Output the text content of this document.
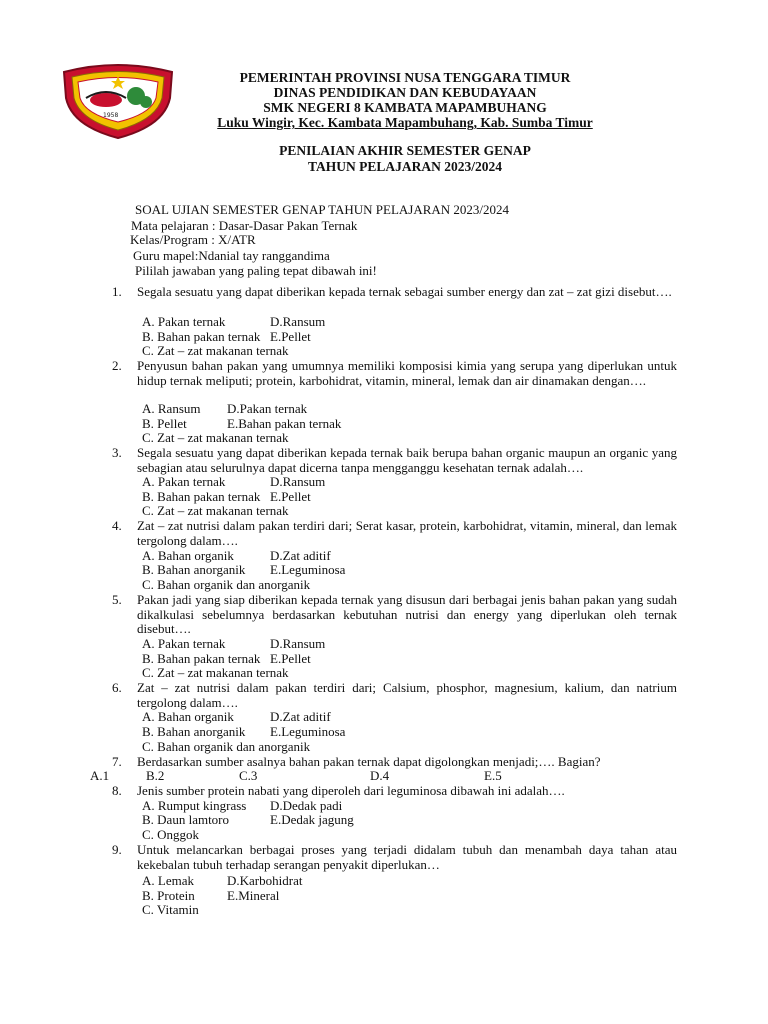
1958
PEMERINTAH PROVINSI NUSA TENGGARA TIMUR
DINAS PENDIDIKAN DAN KEBUDAYAAN
SMK NEGERI 8 KAMBATA MAPAMBUHANG
Luku Wingir, Kec. Kambata Mapambuhang, Kab. Sumba Timur
PENILAIAN AKHIR SEMESTER GENAP
TAHUN PELAJARAN 2023/2024
SOAL UJIAN SEMESTER GENAP TAHUN PELAJARAN 2023/2024
Mata pelajaran : Dasar-Dasar Pakan Ternak
Kelas/Program : X/ATR
Guru mapel:Ndanial tay ranggandima
Pililah jawaban yang paling tepat dibawah ini!
1. Segala sesuatu yang dapat diberikan kepada ternak sebagai sumber energy dan zat – zat gizi disebut….
A. Pakan ternak	D.Ransum
B. Bahan pakan ternak E.Pellet
C. Zat – zat makanan ternak
2. Penyusun bahan pakan yang umumnya memiliki komposisi kimia yang serupa yang diperlukan untuk hidup ternak meliputi; protein, karbohidrat, vitamin, mineral, lemak dan air dinamakan dengan….
A. Ransum D.Pakan ternak
B. Pellet	E.Bahan pakan ternak
C. Zat – zat makanan ternak
3. Segala sesuatu yang dapat diberikan kepada ternak baik berupa bahan organic maupun an organic yang sebagian atau selurulnya dapat dicerna tanpa mengganggu kesehatan ternak adalah….
A. Pakan ternak	D.Ransum
B. Bahan pakan ternak E.Pellet
C. Zat – zat makanan ternak
4. Zat – zat nutrisi dalam pakan terdiri dari; Serat kasar, protein, karbohidrat, vitamin, mineral, dan lemak tergolong dalam….
A. Bahan organik	D.Zat aditif
B. Bahan anorganik E.Leguminosa
C. Bahan organik dan anorganik
5. Pakan jadi yang siap diberikan kepada ternak yang disusun dari berbagai jenis bahan pakan yang sudah dikalkulasi sebelumnya berdasarkan kebutuhan nutrisi dan energy yang diperlukan oleh ternak disebut….
A. Pakan ternak	D.Ransum
B. Bahan pakan ternak E.Pellet
C. Zat – zat makanan ternak
6. Zat – zat nutrisi dalam pakan terdiri dari; Calsium, phosphor, magnesium, kalium, dan natrium tergolong dalam….
A. Bahan organik	D.Zat aditif
B. Bahan anorganik E.Leguminosa
C. Bahan organik dan anorganik
7. Berdasarkan sumber asalnya bahan pakan ternak dapat digolongkan menjadi;…. Bagian?
A.1	B.2	C.3	D.4	E.5
8. Jenis sumber protein nabati yang diperoleh dari leguminosa dibawah ini adalah….
A. Rumput kingrass D.Dedak padi
B. Daun lamtoro	E.Dedak jagung
C. Onggok
9. Untuk melancarkan berbagai proses yang terjadi didalam tubuh dan menambah daya tahan atau kekebalan tubuh terhadap serangan penyakit diperlukan…
A. Lemak	D.Karbohidrat
B. Protein E.Mineral
C. Vitamin
